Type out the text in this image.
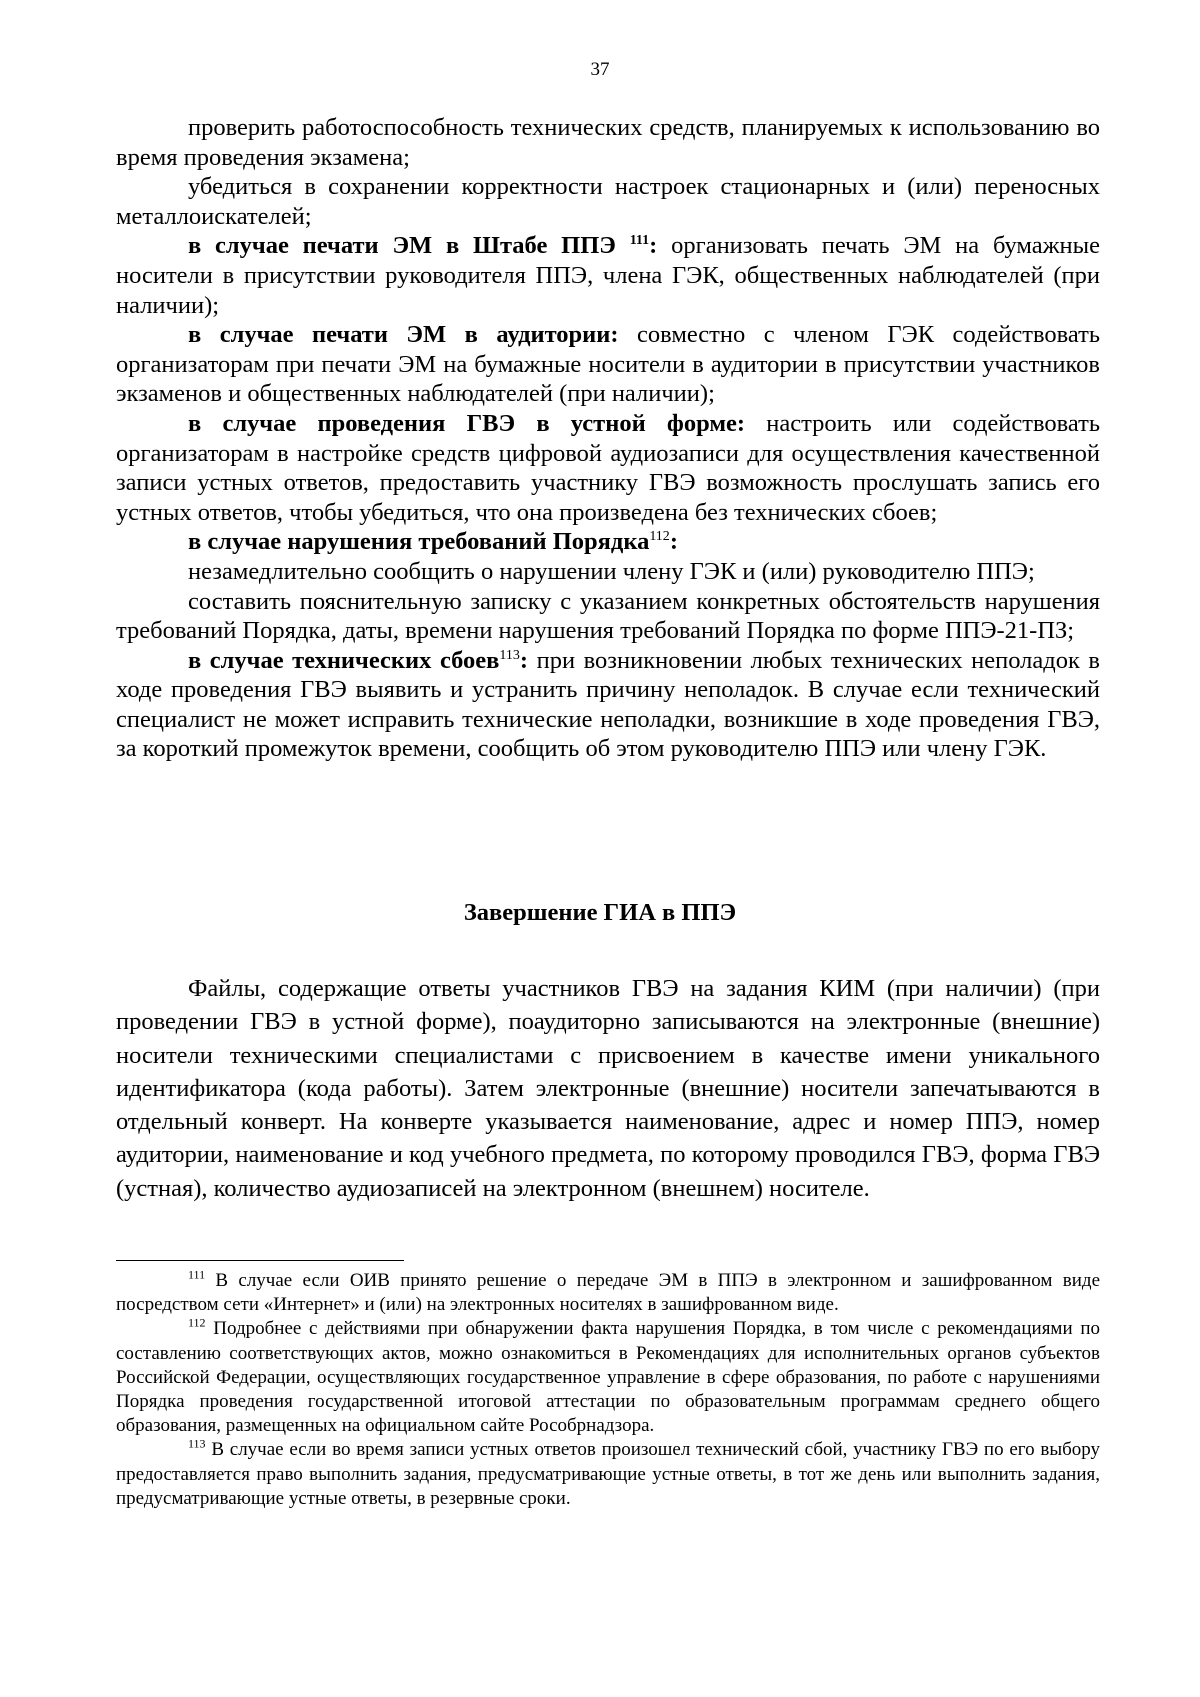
37

проверить работоспособность технических средств, планируемых к использованию во время проведения экзамена;

убедиться в сохранении корректности настроек стационарных и (или) переносных металлоискателей;

в случае печати ЭМ в Штабе ППЭ $^{111}$: организовать печать ЭМ на бумажные носители в присутствии руководителя ППЭ, члена ГЭК, общественных наблюдателей (при наличии);

в случае печати ЭМ в аудитории: совместно с членом ГЭК содействовать организаторам при печати ЭМ на бумажные носители в аудитории в присутствии участников экзаменов и общественных наблюдателей (при наличии);

в случае проведения ГВЭ в устной форме: настроить или содействовать организаторам в настройке средств цифровой аудиозаписи для осуществления качественной записи устных ответов, предоставить участнику ГВЭ возможность прослушать запись его устных ответов, чтобы убедиться, что она произведена без технических сбоев;

в случае нарушения требований Порядка$^{112}$:

незамедлительно сообщить о нарушении члену ГЭК и (или) руководителю ППЭ;

составить пояснительную записку с указанием конкретных обстоятельств нарушения требований Порядка, даты, времени нарушения требований Порядка по форме ППЭ-21-ПЗ;

в случае технических сбоев$^{113}$: при возникновении любых технических неполадок в ходе проведения ГВЭ выявить и устранить причину неполадок. В случае если технический специалист не может исправить технические неполадки, возникшие в ходе проведения ГВЭ, за короткий промежуток времени, сообщить об этом руководителю ППЭ или члену ГЭК.

Завершение ГИА в ППЭ

Файлы, содержащие ответы участников ГВЭ на задания КИМ (при наличии) (при проведении ГВЭ в устной форме), поаудиторно записываются на электронные (внешние) носители техническими специалистами с присвоением в качестве имени уникального идентификатора (кода работы). Затем электронные (внешние) носители запечатываются в отдельный конверт. На конверте указывается наименование, адрес и номер ППЭ, номер аудитории, наименование и код учебного предмета, по которому проводился ГВЭ, форма ГВЭ (устная), количество аудиозаписей на электронном (внешнем) носителе.

$^{111}$ В случае если ОИВ принято решение о передаче ЭМ в ППЭ в электронном и зашифрованном виде посредством сети «Интернет» и (или) на электронных носителях в зашифрованном виде.

$^{112}$ Подробнее с действиями при обнаружении факта нарушения Порядка, в том числе с рекомендациями по составлению соответствующих актов, можно ознакомиться в Рекомендациях для исполнительных органов субъектов Российской Федерации, осуществляющих государственное управление в сфере образования, по работе с нарушениями Порядка проведения государственной итоговой аттестации по образовательным программам среднего общего образования, размещенных на официальном сайте Рособрнадзора.

$^{113}$ В случае если во время записи устных ответов произошел технический сбой, участнику ГВЭ по его выбору предоставляется право выполнить задания, предусматривающие устные ответы, в тот же день или выполнить задания, предусматривающие устные ответы, в резервные сроки.
